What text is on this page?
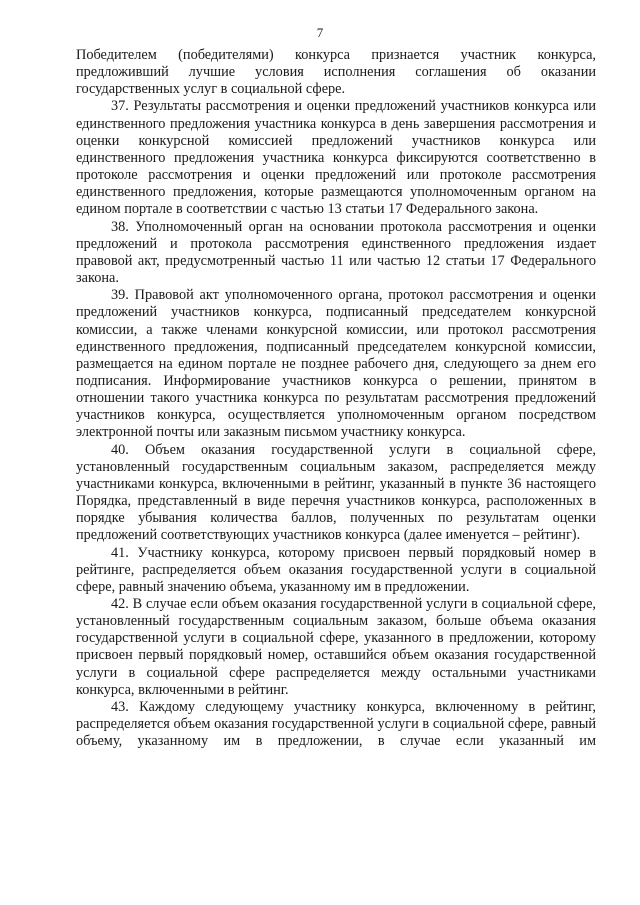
7

Победителем (победителями) конкурса признается участник конкурса, предложивший лучшие условия исполнения соглашения об оказании государственных услуг в социальной сфере.

37. Результаты рассмотрения и оценки предложений участников конкурса или единственного предложения участника конкурса в день завершения рассмотрения и оценки конкурсной комиссией предложений участников конкурса или единственного предложения участника конкурса фиксируются соответственно в протоколе рассмотрения и оценки предложений или протоколе рассмотрения единственного предложения, которые размещаются уполномоченным органом на едином портале в соответствии с частью 13 статьи 17 Федерального закона.

38. Уполномоченный орган на основании протокола рассмотрения и оценки предложений и протокола рассмотрения единственного предложения издает правовой акт, предусмотренный частью 11 или частью 12 статьи 17 Федерального закона.

39. Правовой акт уполномоченного органа, протокол рассмотрения и оценки предложений участников конкурса, подписанный председателем конкурсной комиссии, а также членами конкурсной комиссии, или протокол рассмотрения единственного предложения, подписанный председателем конкурсной комиссии, размещается на едином портале не позднее рабочего дня, следующего за днем его подписания. Информирование участников конкурса о решении, принятом в отношении такого участника конкурса по результатам рассмотрения предложений участников конкурса, осуществляется уполномоченным органом посредством электронной почты или заказным письмом участнику конкурса.

40. Объем оказания государственной услуги в социальной сфере, установленный государственным социальным заказом, распределяется между участниками конкурса, включенными в рейтинг, указанный в пункте 36 настоящего Порядка, представленный в виде перечня участников конкурса, расположенных в порядке убывания количества баллов, полученных по результатам оценки предложений соответствующих участников конкурса (далее именуется – рейтинг).

41. Участнику конкурса, которому присвоен первый порядковый номер в рейтинге, распределяется объем оказания государственной услуги в социальной сфере, равный значению объема, указанному им в предложении.

42. В случае если объем оказания государственной услуги в социальной сфере, установленный государственным социальным заказом, больше объема оказания государственной услуги в социальной сфере, указанного в предложении, которому присвоен первый порядковый номер, оставшийся объем оказания государственной услуги в социальной сфере распределяется между остальными участниками конкурса, включенными в рейтинг.

43. Каждому следующему участнику конкурса, включенному в рейтинг, распределяется объем оказания государственной услуги в социальной сфере, равный объему, указанному им в предложении, в случае если указанный им
